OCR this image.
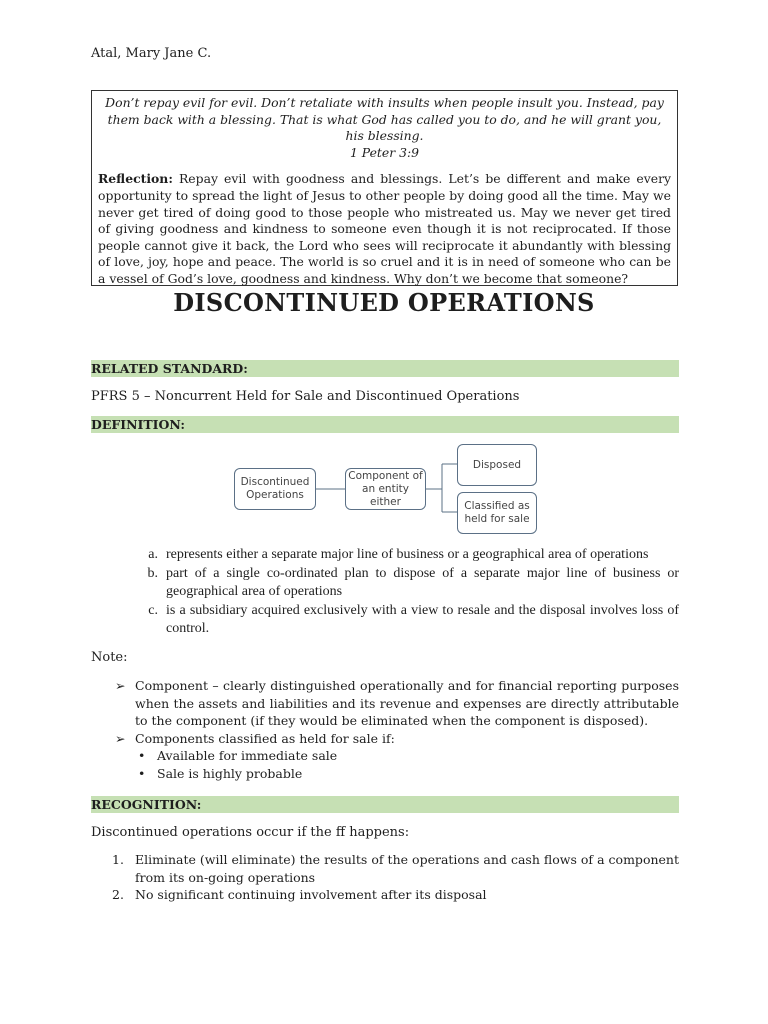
Atal, Mary Jane C.
Don’t repay evil for evil. Don’t retaliate with insults when people insult you. Instead, pay them back with a blessing. That is what God has called you to do, and he will grant you, his blessing.
1 Peter 3:9
Reflection: Repay evil with goodness and blessings. Let’s be different and make every opportunity to spread the light of Jesus to other people by doing good all the time. May we never get tired of doing good to those people who mistreated us. May we never get tired of giving goodness and kindness to someone even though it is not reciprocated. If those people cannot give it back, the Lord who sees will reciprocate it abundantly with blessing of love, joy, hope and peace. The world is so cruel and it is in need of someone who can be a vessel of God’s love, goodness and kindness. Why don’t we become that someone?
DISCONTINUED OPERATIONS
RELATED STANDARD:
PFRS 5 – Noncurrent Held for Sale and Discontinued Operations
DEFINITION:
Discontinued Operations
Component of an entity either
Disposed
Classified as held for sale
a. represents either a separate major line of business or a geographical area of operations
b. part of a single co-ordinated plan to dispose of a separate major line of business or geographical area of operations
c. is a subsidiary acquired exclusively with a view to resale and the disposal involves loss of control.
Note:
➢ Component – clearly distinguished operationally and for financial reporting purposes when the assets and liabilities and its revenue and expenses are directly attributable to the component (if they would be eliminated when the component is disposed).
➢ Components classified as held for sale if:
• Available for immediate sale
• Sale is highly probable
RECOGNITION:
Discontinued operations occur if the ff happens:
1. Eliminate (will eliminate) the results of the operations and cash flows of a component from its on-going operations
2. No significant continuing involvement after its disposal
